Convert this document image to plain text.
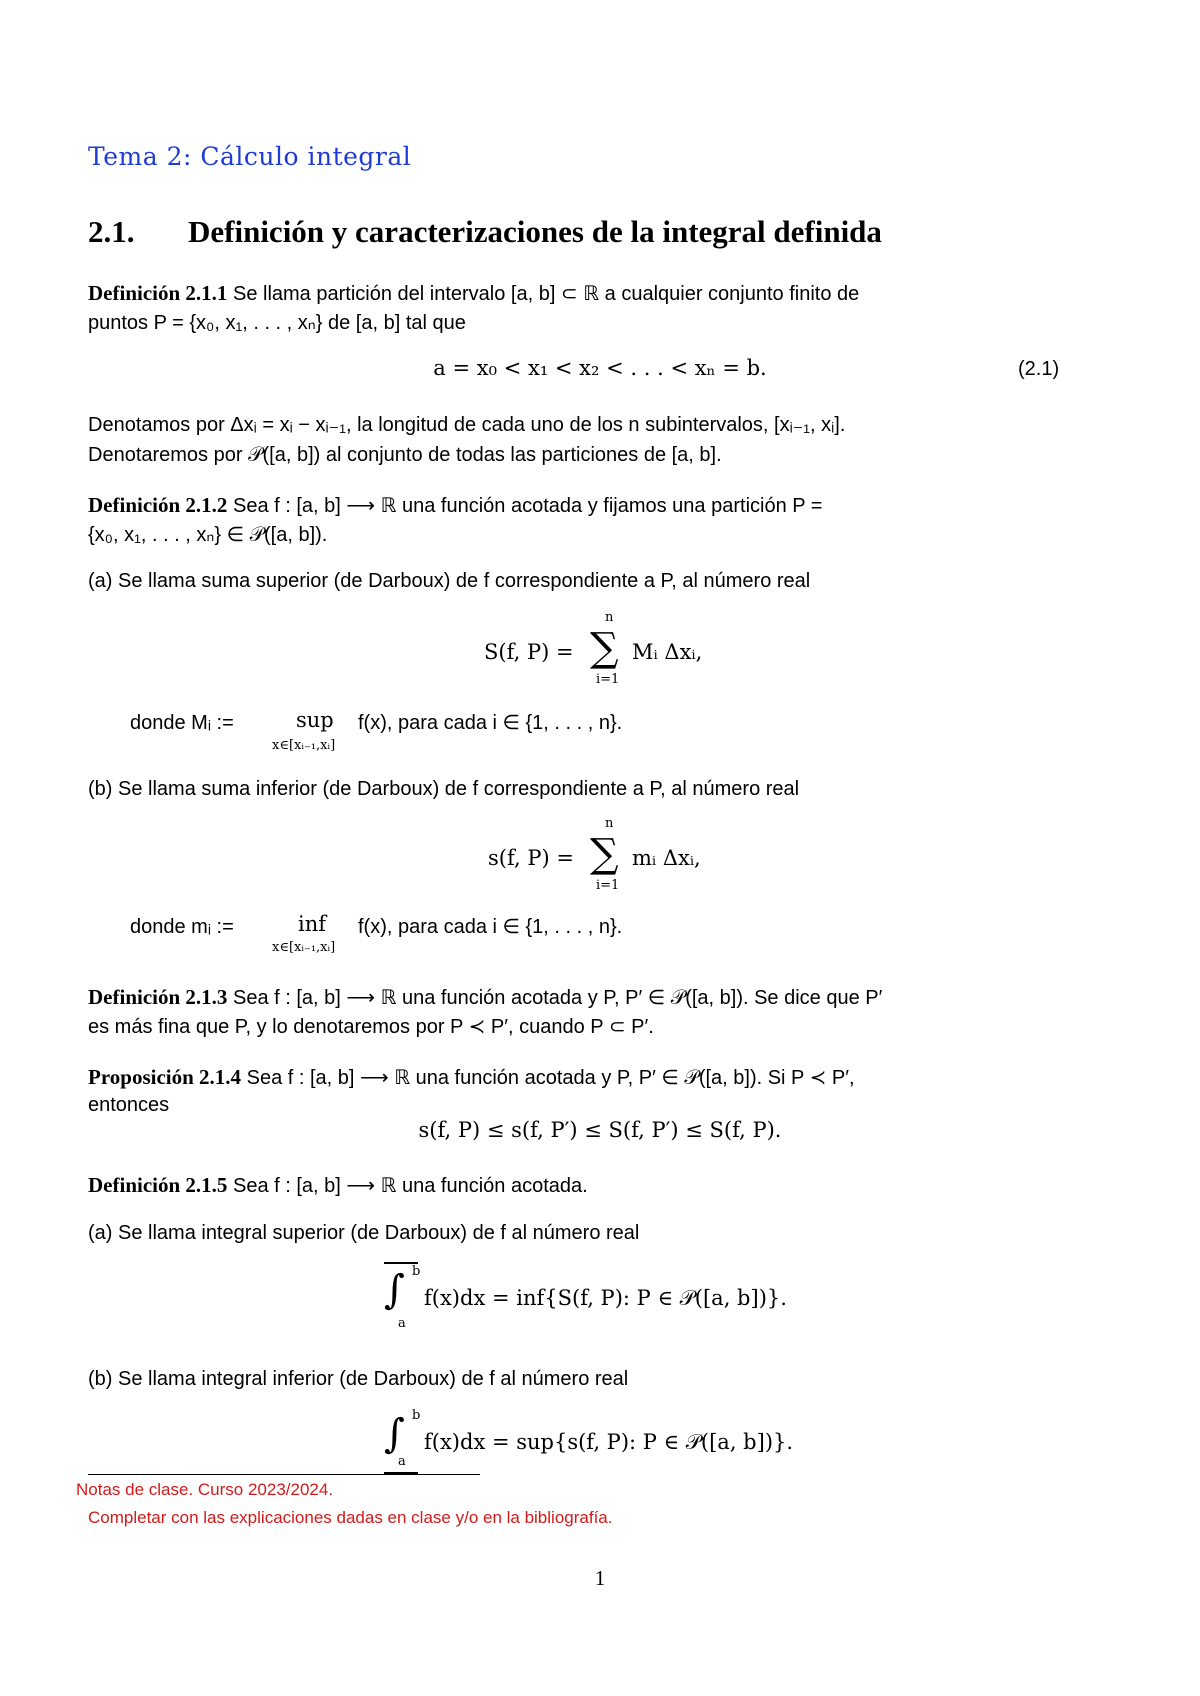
Tema 2: Cálculo integral
2.1. Definición y caracterizaciones de la integral definida
Definición 2.1.1 Se llama partición del intervalo [a, b] ⊂ ℝ a cualquier conjunto finito de
puntos P = {x₀, x₁, . . . , xₙ} de [a, b] tal que
a = x₀ < x₁ < x₂ < . . . < xₙ = b.	(2.1)
Denotamos por Δxᵢ = xᵢ − xᵢ₋₁, la longitud de cada uno de los n subintervalos, [xᵢ₋₁, xᵢ].
Denotaremos por 𝒫([a, b]) al conjunto de todas las particiones de [a, b].
Definición 2.1.2 Sea f : [a, b] ⟶ ℝ una función acotada y fijamos una partición P =
{x₀, x₁, . . . , xₙ} ∈ 𝒫([a, b]).
(a) Se llama suma superior (de Darboux) de f correspondiente a P, al número real
S(f, P) =
n
∑
i=1
Mᵢ Δxᵢ,
donde Mᵢ :=	sup
x∈[xᵢ₋₁,xᵢ]
f(x), para cada i ∈ {1, . . . , n}.
(b) Se llama suma inferior (de Darboux) de f correspondiente a P, al número real
s(f, P) =
n
∑
i=1
mᵢ Δxᵢ,
donde mᵢ :=	inf
x∈[xᵢ₋₁,xᵢ]
f(x), para cada i ∈ {1, . . . , n}.
Definición 2.1.3 Sea f : [a, b] ⟶ ℝ una función acotada y P, P′ ∈ 𝒫([a, b]). Se dice que P′
es más fina que P, y lo denotaremos por P ≺ P′, cuando P ⊂ P′.
Proposición 2.1.4 Sea f : [a, b] ⟶ ℝ una función acotada y P, P′ ∈ 𝒫([a, b]). Si P ≺ P′,
entonces
s(f, P) ≤ s(f, P′) ≤ S(f, P′) ≤ S(f, P).
Definición 2.1.5 Sea f : [a, b] ⟶ ℝ una función acotada.
(a) Se llama integral superior (de Darboux) de f al número real
∫ b
a
f(x)dx = inf{S(f, P): P ∈ 𝒫([a, b])}.
(b) Se llama integral inferior (de Darboux) de f al número real
∫ b
a
f(x)dx = sup{s(f, P): P ∈ 𝒫([a, b])}.
Notas de clase. Curso 2023/2024.
Completar con las explicaciones dadas en clase y/o en la bibliografía.
1
